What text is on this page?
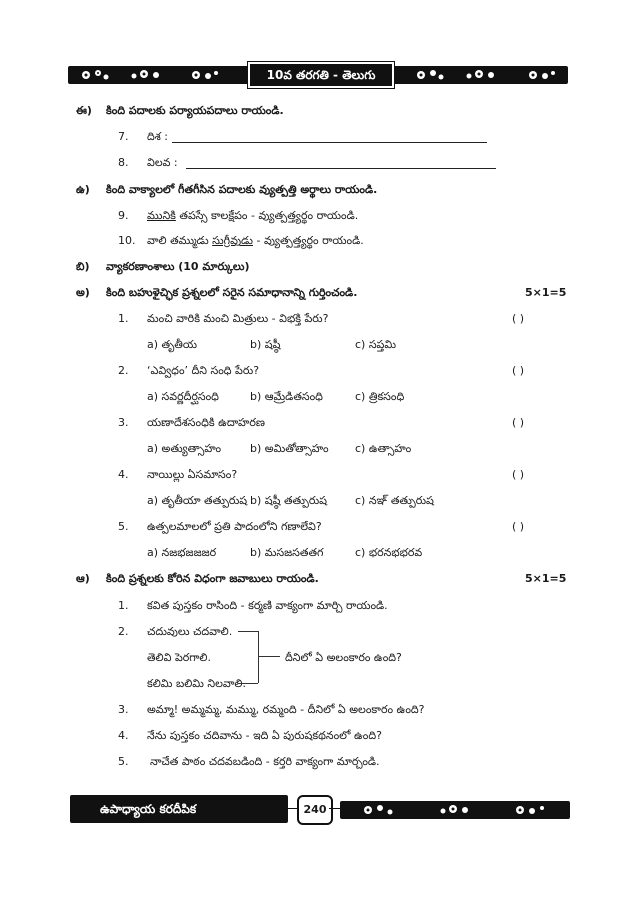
10వ తరగతి - తెలుగు
ఈ) కింది పదాలకు పర్యాయపదాలు రాయండి.
7. దిశ :
8. విలవ :
ఉ) కింది వాక్యాలలో గీతగీసిన పదాలకు వ్యుత్పత్తి అర్థాలు రాయండి.
9. మునికి తపస్సే కాలక్షేపం - వ్యుత్పత్త్యర్థం రాయండి.
10. వాలి తమ్ముడు సుగ్రీవుడు - వ్యుత్పత్త్యర్థం రాయండి.
బి) వ్యాకరణాంశాలు (10 మార్కులు)
అ) కింది బహుళైచ్ఛిక ప్రశ్నలలో సరైన సమాధానాన్ని గుర్తించండి.	5×1=5
1. మంచి వారికి మంచి మిత్రులు - విభక్తి పేరు?	( )
a) తృతీయ	b) షష్ఠీ	c) సప్తమి
2. ‘ఎవ్విధం’ దీని సంధి పేరు?	( )
a) సవర్ణదీర్ఘసంధి	b) ఆమ్రేడితసంధి	c) త్రికసంధి
3. యణాదేశసంధికి ఉదాహరణ	( )
a) అత్యుత్సాహం	b) అమితోత్సాహం c) ఉత్సాహం
4. నాయిల్లు ఏసమాసం?	( )
a) తృతీయా తత్పురుష b) షష్ఠీ తత్పురుష	c) నఞ్ తత్పురుష
5. ఉత్పలమాలలో ప్రతి పాదంలోని గణాలేవి?	( )
a) నజభజజజర	b) మసజసతతగ	c) భరనభభరవ
ఆ) కింది ప్రశ్నలకు కోరిన విధంగా జవాబులు రాయండి.	5×1=5
1. కవిత పుస్తకం రాసింది - కర్మణి వాక్యంగా మార్చి రాయండి.
2. చదువులు చదవాలి.
తెలివి పెరగాలి.
కలిమి బలిమి నిలవాలి.
దీనిలో ఏ అలంకారం ఉంది?
3. అమ్మా! అమ్మమ్మ, మమ్ము, రమ్మంది - దీనిలో ఏ అలంకారం ఉంది?
4. నేను పుస్తకం చదివాను - ఇది ఏ పురుషకథనంలో ఉంది?
5. నాచేత పాఠం చదవబడింది - కర్తరి వాక్యంగా మార్చండి.
ఉపాధ్యాయ కరదీపిక	240
